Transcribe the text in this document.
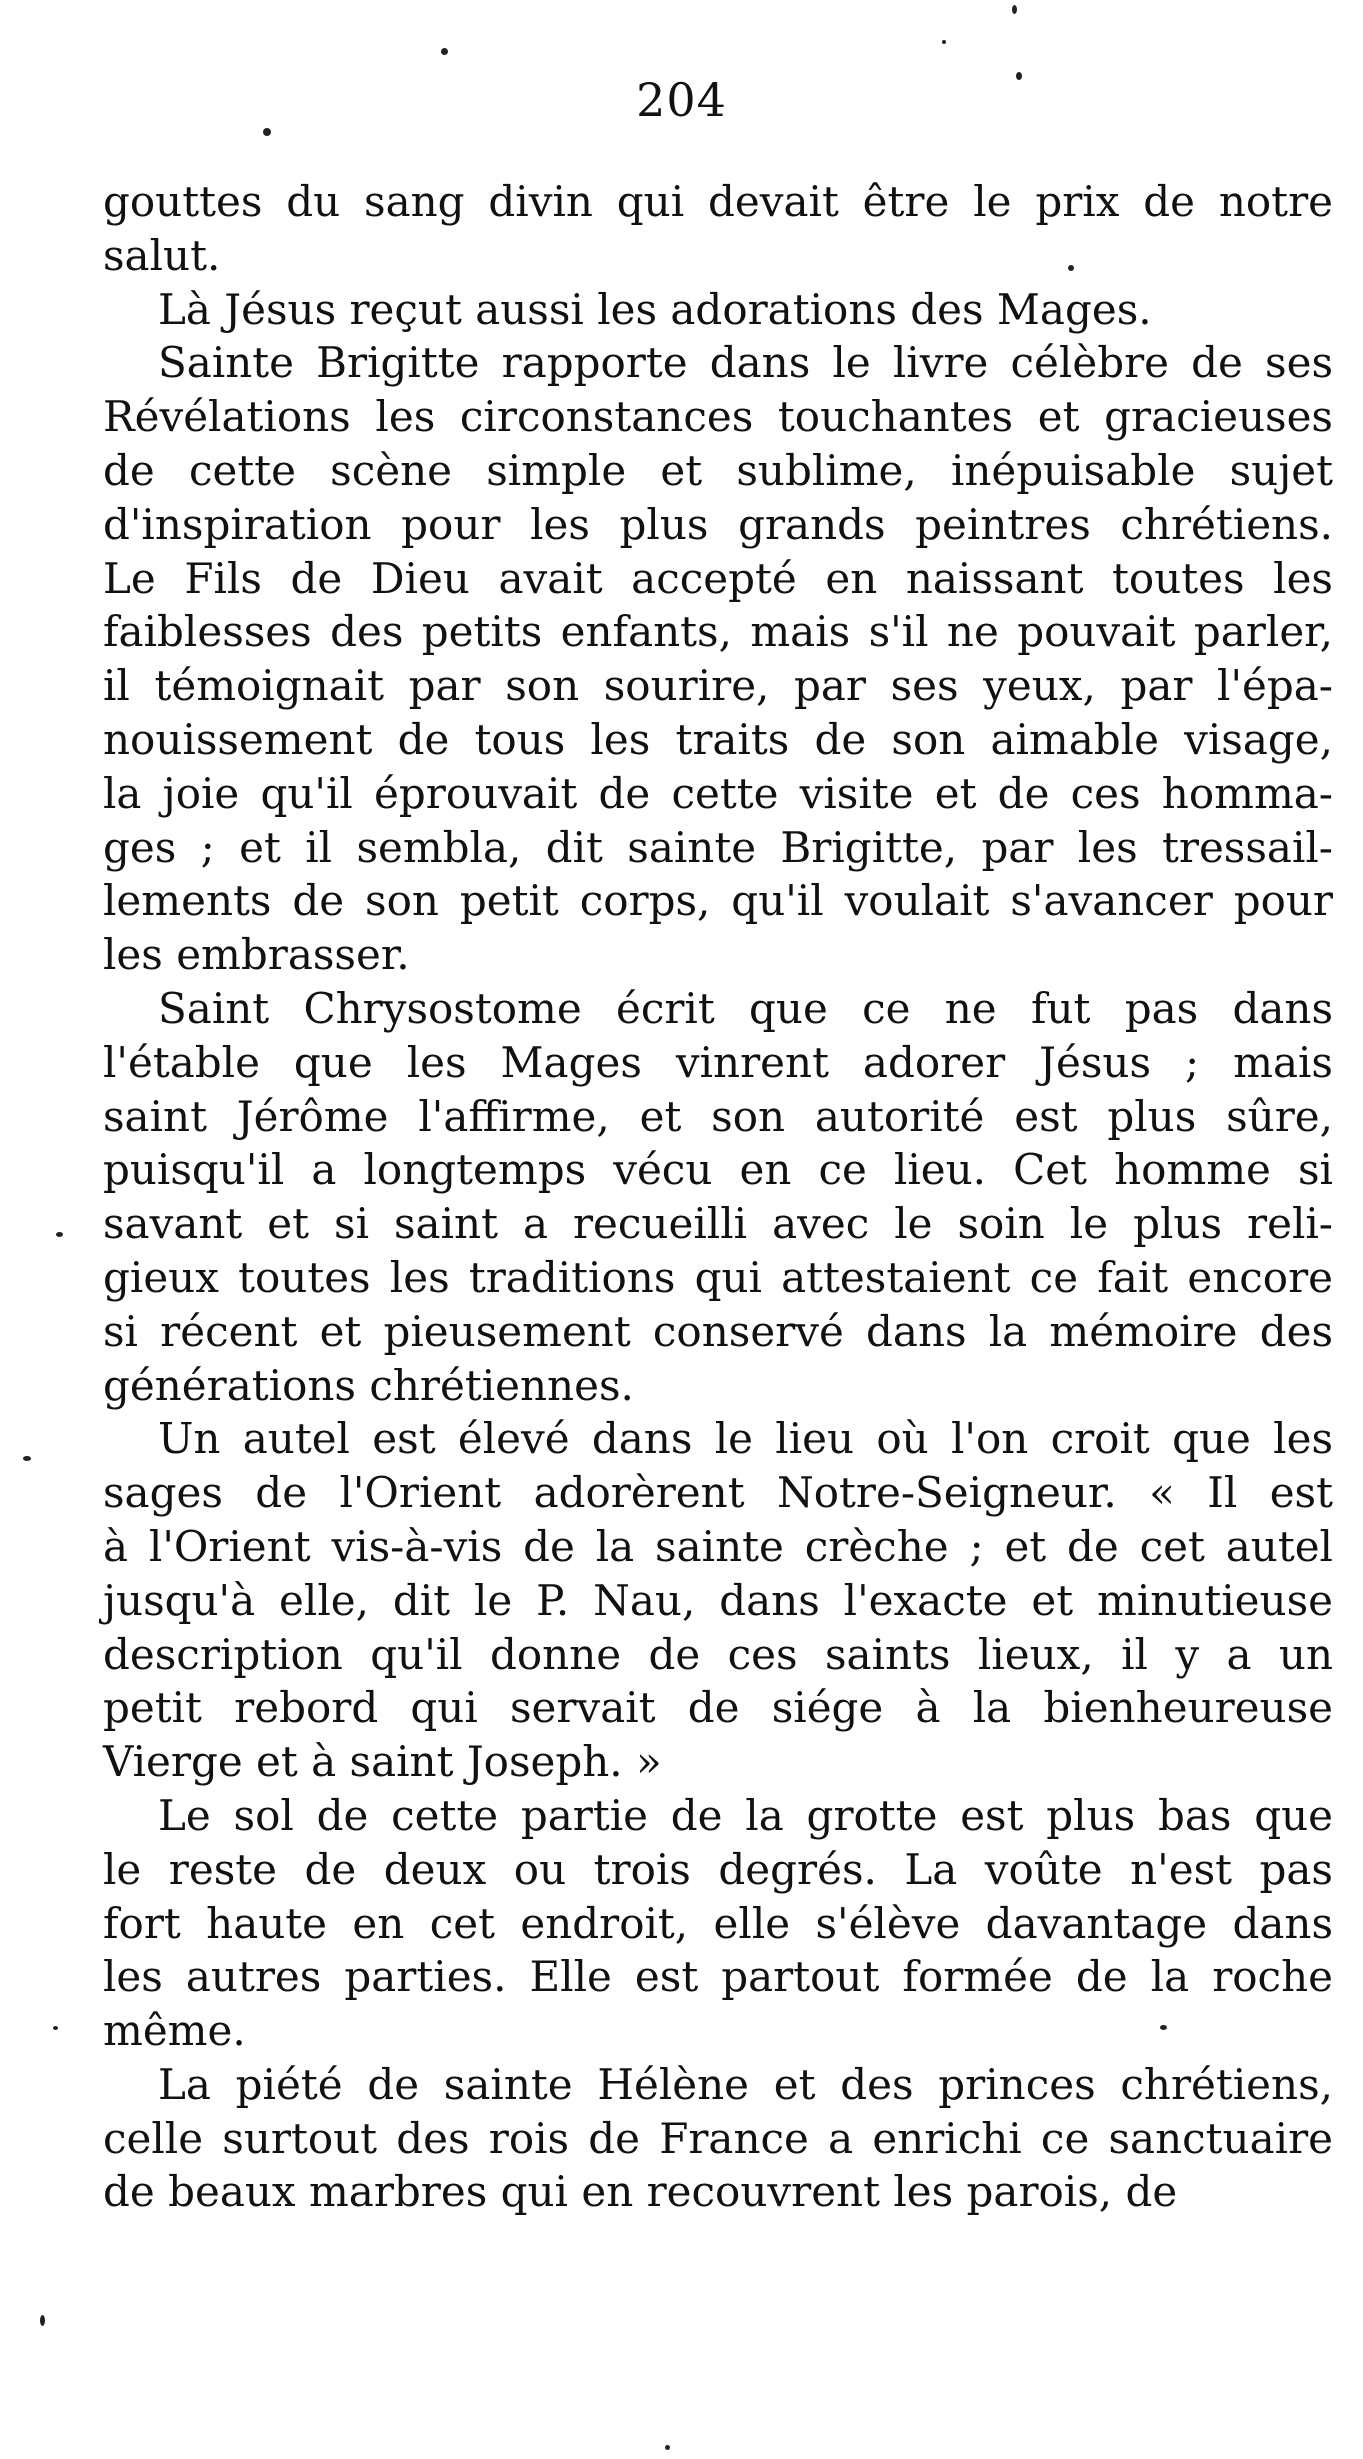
204
gouttes du sang divin qui devait être le prix de notre
salut.
Là Jésus reçut aussi les adorations des Mages.
Sainte Brigitte rapporte dans le livre célèbre de ses
Révélations les circonstances touchantes et gracieuses
de cette scène simple et sublime, inépuisable sujet
d'inspiration pour les plus grands peintres chrétiens.
Le Fils de Dieu avait accepté en naissant toutes les
faiblesses des petits enfants, mais s'il ne pouvait parler,
il témoignait par son sourire, par ses yeux, par l'épa-
nouissement de tous les traits de son aimable visage,
la joie qu'il éprouvait de cette visite et de ces homma-
ges ; et il sembla, dit sainte Brigitte, par les tressail-
lements de son petit corps, qu'il voulait s'avancer pour
les embrasser.
Saint Chrysostome écrit que ce ne fut pas dans
l'étable que les Mages vinrent adorer Jésus ; mais
saint Jérôme l'affirme, et son autorité est plus sûre,
puisqu'il a longtemps vécu en ce lieu. Cet homme si
savant et si saint a recueilli avec le soin le plus reli-
gieux toutes les traditions qui attestaient ce fait encore
si récent et pieusement conservé dans la mémoire des
générations chrétiennes.
Un autel est élevé dans le lieu où l'on croit que les
sages de l'Orient adorèrent Notre-Seigneur. « Il est
à l'Orient vis-à-vis de la sainte crèche ; et de cet autel
jusqu'à elle, dit le P. Nau, dans l'exacte et minutieuse
description qu'il donne de ces saints lieux, il y a un
petit rebord qui servait de siége à la bienheureuse
Vierge et à saint Joseph. »
Le sol de cette partie de la grotte est plus bas que
le reste de deux ou trois degrés. La voûte n'est pas
fort haute en cet endroit, elle s'élève davantage dans
les autres parties. Elle est partout formée de la roche
même.
La piété de sainte Hélène et des princes chrétiens,
celle surtout des rois de France a enrichi ce sanctuaire
de beaux marbres qui en recouvrent les parois, de
